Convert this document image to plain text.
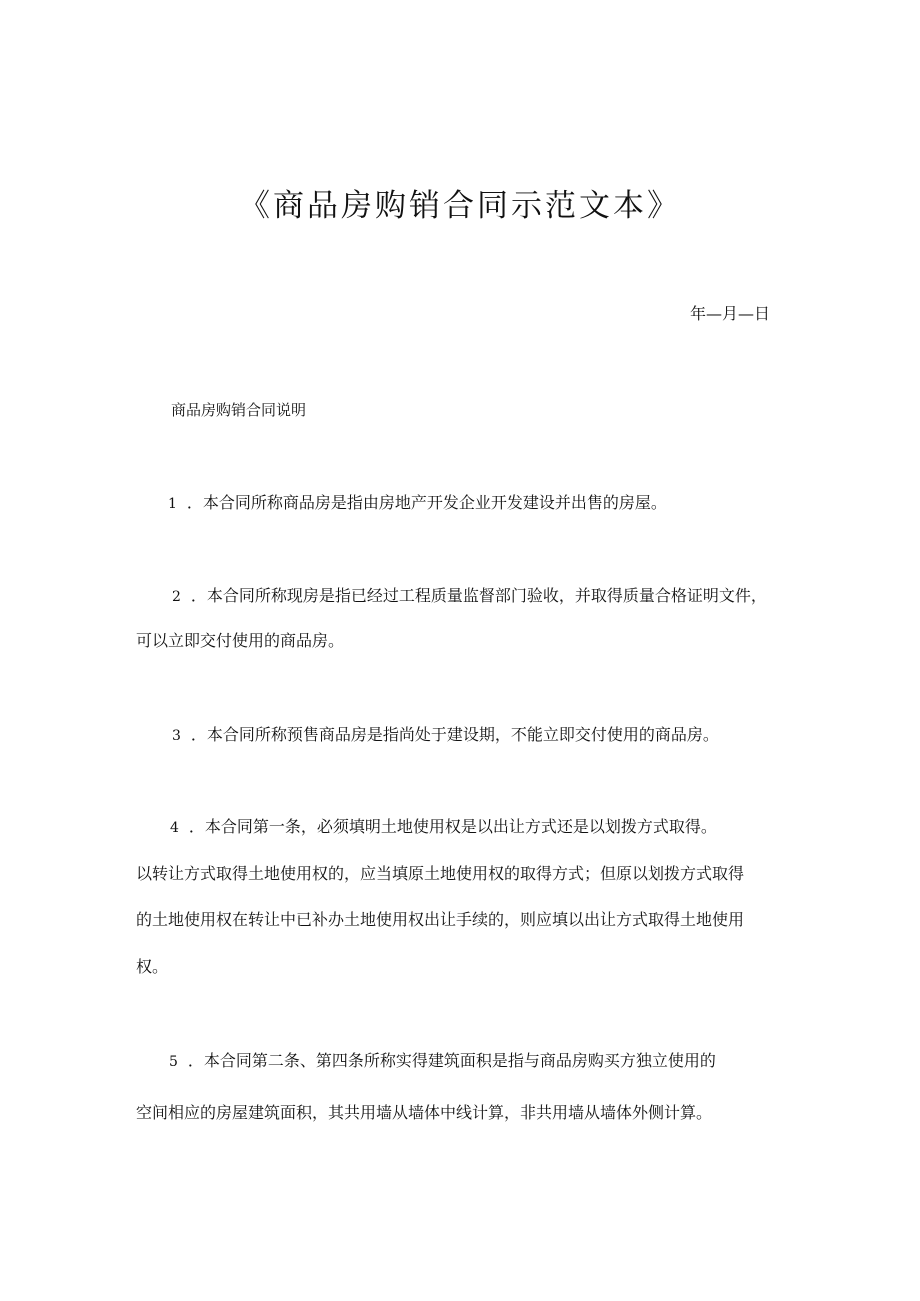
《商品房购销合同示范文本》
年—月—日
商品房购销合同说明
1 ．本合同所称商品房是指由房地产开发企业开发建设并出售的房屋。
2 ．本合同所称现房是指已经过工程质量监督部门验收，并取得质量合格证明文件，
可以立即交付使用的商品房。
3 ．本合同所称预售商品房是指尚处于建设期，不能立即交付使用的商品房。
4 ．本合同第一条，必须填明土地使用权是以出让方式还是以划拨方式取得。
以转让方式取得土地使用权的，应当填原土地使用权的取得方式；但原以划拨方式取得
的土地使用权在转让中已补办土地使用权出让手续的，则应填以出让方式取得土地使用
权。
5 ．本合同第二条、第四条所称实得建筑面积是指与商品房购买方独立使用的
空间相应的房屋建筑面积，其共用墙从墙体中线计算，非共用墙从墙体外侧计算。
